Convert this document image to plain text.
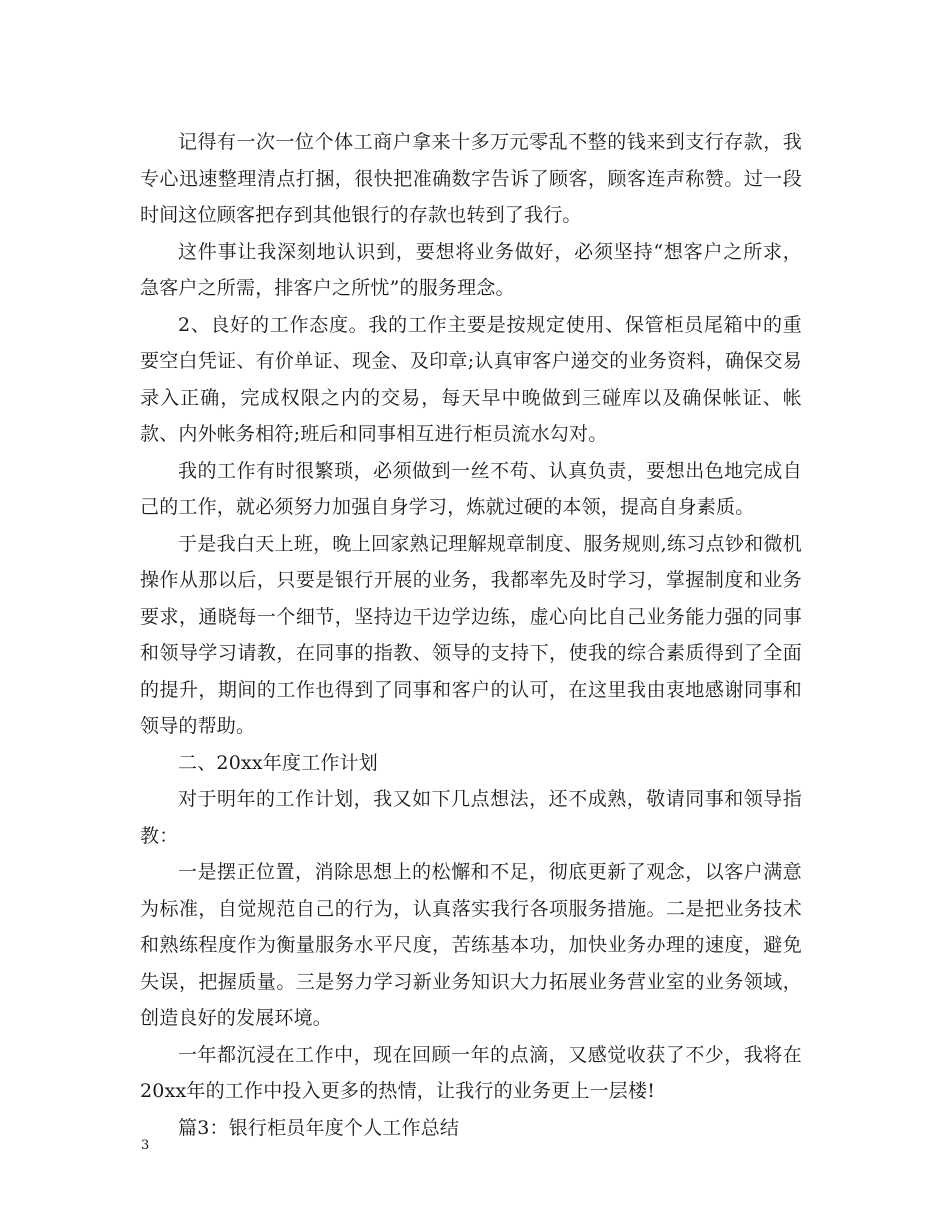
记得有一次一位个体工商户拿来十多万元零乱不整的钱来到支行存款，我专心迅速整理清点打捆，很快把准确数字告诉了顾客，顾客连声称赞。过一段时间这位顾客把存到其他银行的存款也转到了我行。

这件事让我深刻地认识到，要想将业务做好，必须坚持“想客户之所求，急客户之所需，排客户之所忧”的服务理念。

2、良好的工作态度。我的工作主要是按规定使用、保管柜员尾箱中的重要空白凭证、有价单证、现金、及印章;认真审客户递交的业务资料，确保交易录入正确，完成权限之内的交易，每天早中晚做到三碰库以及确保帐证、帐款、内外帐务相符;班后和同事相互进行柜员流水勾对。

我的工作有时很繁琐，必须做到一丝不苟、认真负责，要想出色地完成自己的工作，就必须努力加强自身学习，炼就过硬的本领，提高自身素质。

于是我白天上班，晚上回家熟记理解规章制度、服务规则,练习点钞和微机操作从那以后，只要是银行开展的业务，我都率先及时学习，掌握制度和业务要求，通晓每一个细节，坚持边干边学边练，虚心向比自己业务能力强的同事和领导学习请教，在同事的指教、领导的支持下，使我的综合素质得到了全面的提升，期间的工作也得到了同事和客户的认可，在这里我由衷地感谢同事和领导的帮助。

二、20xx年度工作计划

对于明年的工作计划，我又如下几点想法，还不成熟，敬请同事和领导指教：

一是摆正位置，消除思想上的松懈和不足，彻底更新了观念，以客户满意为标准，自觉规范自己的行为，认真落实我行各项服务措施。二是把业务技术和熟练程度作为衡量服务水平尺度，苦练基本功，加快业务办理的速度，避免失误，把握质量。三是努力学习新业务知识大力拓展业务营业室的业务领域，创造良好的发展环境。

一年都沉浸在工作中，现在回顾一年的点滴，又感觉收获了不少，我将在20xx年的工作中投入更多的热情，让我行的业务更上一层楼!

篇3：银行柜员年度个人工作总结

3
